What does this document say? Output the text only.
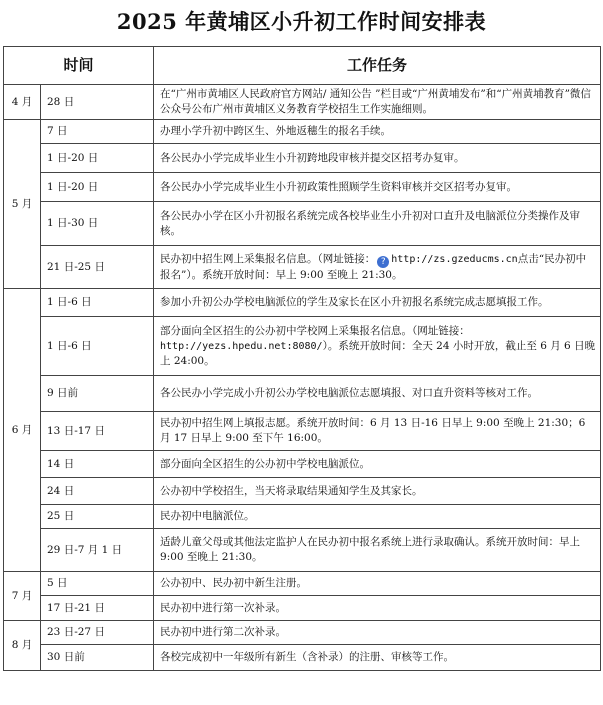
2025 年黄埔区小升初工作时间安排表
时间		工作任务
4 月	28 日	在“广州市黄埔区人民政府官方网站/ 通知公告 ”栏目或“广州黄埔发布”和“广州黄埔教育”微信公众号公布广州市黄埔区义务教育学校招生工作实施细则。
5 月	7 日	办理小学升初中跨区生、外地返穗生的报名手续。
	1 日-20 日	各公民办小学完成毕业生小升初跨地段审核并提交区招考办复审。
	1 日-20 日	各公民办小学完成毕业生小升初政策性照顾学生资料审核并交区招考办复审。
	1 日-30 日	各公民办小学在区小升初报名系统完成各校毕业生小升初对口直升及电脑派位分类操作及审核。
	21 日-25 日	民办初中招生网上采集报名信息。（网址链接： ? http://zs.gzeducms.cn点击“民办初中报名”）。系统开放时间：早上 9:00 至晚上 21:30。
6 月	1 日-6 日	参加小升初公办学校电脑派位的学生及家长在区小升初报名系统完成志愿填报工作。
	1 日-6 日	部分面向全区招生的公办初中学校网上采集报名信息。（网址链接：http://yezs.hpedu.net:8080/）。系统开放时间：全天 24 小时开放，截止至 6 月 6 日晚上 24:00。
	9 日前	各公民办小学完成小升初公办学校电脑派位志愿填报、对口直升资料等核对工作。
	13 日-17 日	民办初中招生网上填报志愿。系统开放时间：6 月 13 日-16 日早上 9:00 至晚上 21:30；6 月 17 日早上 9:00 至下午 16:00。
	14 日	部分面向全区招生的公办初中学校电脑派位。
	24 日	公办初中学校招生，当天将录取结果通知学生及其家长。
	25 日	民办初中电脑派位。
	29 日-7 月 1 日	适龄儿童父母或其他法定监护人在民办初中报名系统上进行录取确认。系统开放时间：早上 9:00 至晚上 21:30。
7 月	5 日	公办初中、民办初中新生注册。
	17 日-21 日	民办初中进行第一次补录。
8 月	23 日-27 日	民办初中进行第二次补录。
	30 日前	各校完成初中一年级所有新生（含补录）的注册、审核等工作。
